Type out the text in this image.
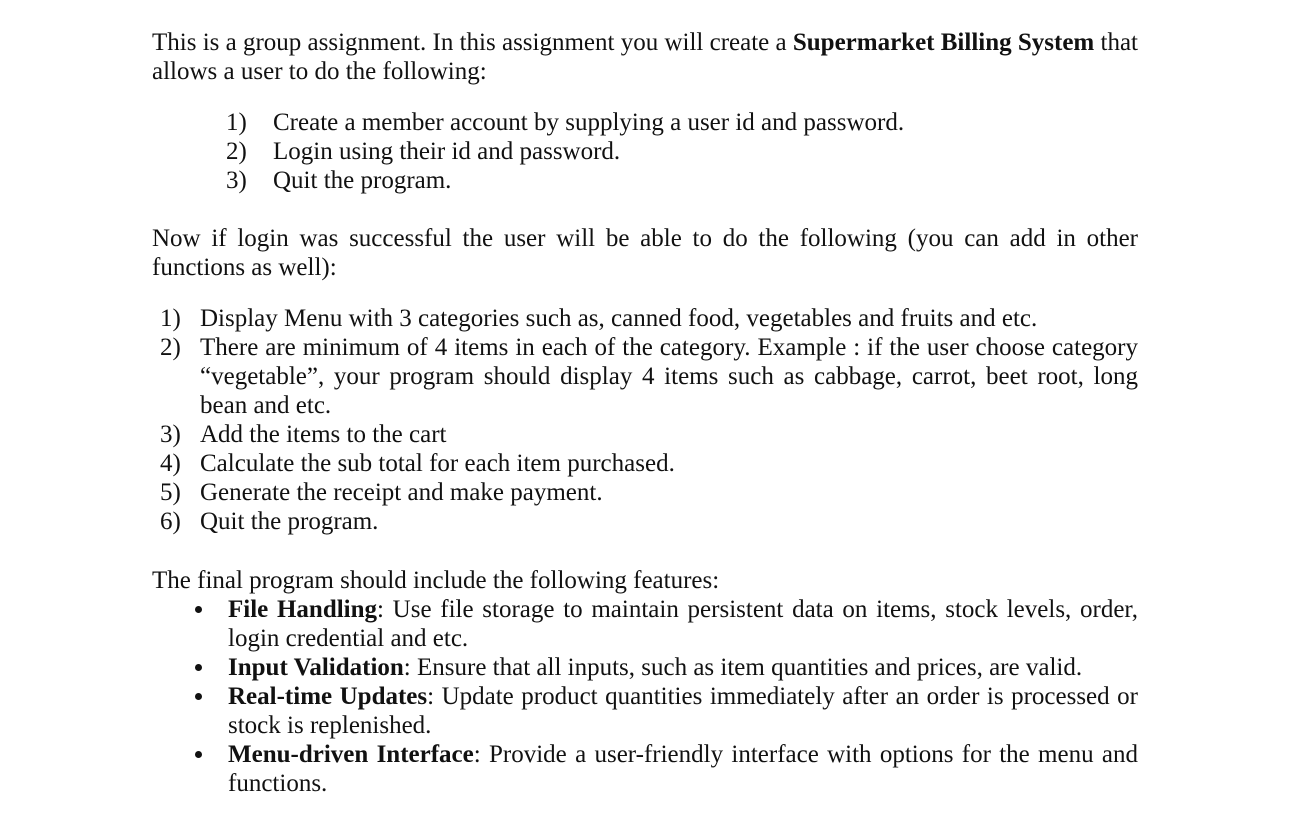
This is a group assignment. In this assignment you will create a Supermarket Billing System that allows a user to do the following:

1) Create a member account by supplying a user id and password.
2) Login using their id and password.
3) Quit the program.

Now if login was successful the user will be able to do the following (you can add in other functions as well):

1) Display Menu with 3 categories such as, canned food, vegetables and fruits and etc.
2) There are minimum of 4 items in each of the category. Example : if the user choose category “vegetable”, your program should display 4 items such as cabbage, carrot, beet root, long bean and etc.
3) Add the items to the cart
4) Calculate the sub total for each item purchased.
5) Generate the receipt and make payment.
6) Quit the program.

The final program should include the following features:

File Handling: Use file storage to maintain persistent data on items, stock levels, order, login credential and etc.
Input Validation: Ensure that all inputs, such as item quantities and prices, are valid.
Real-time Updates: Update product quantities immediately after an order is processed or stock is replenished.
Menu-driven Interface: Provide a user-friendly interface with options for the menu and functions.
